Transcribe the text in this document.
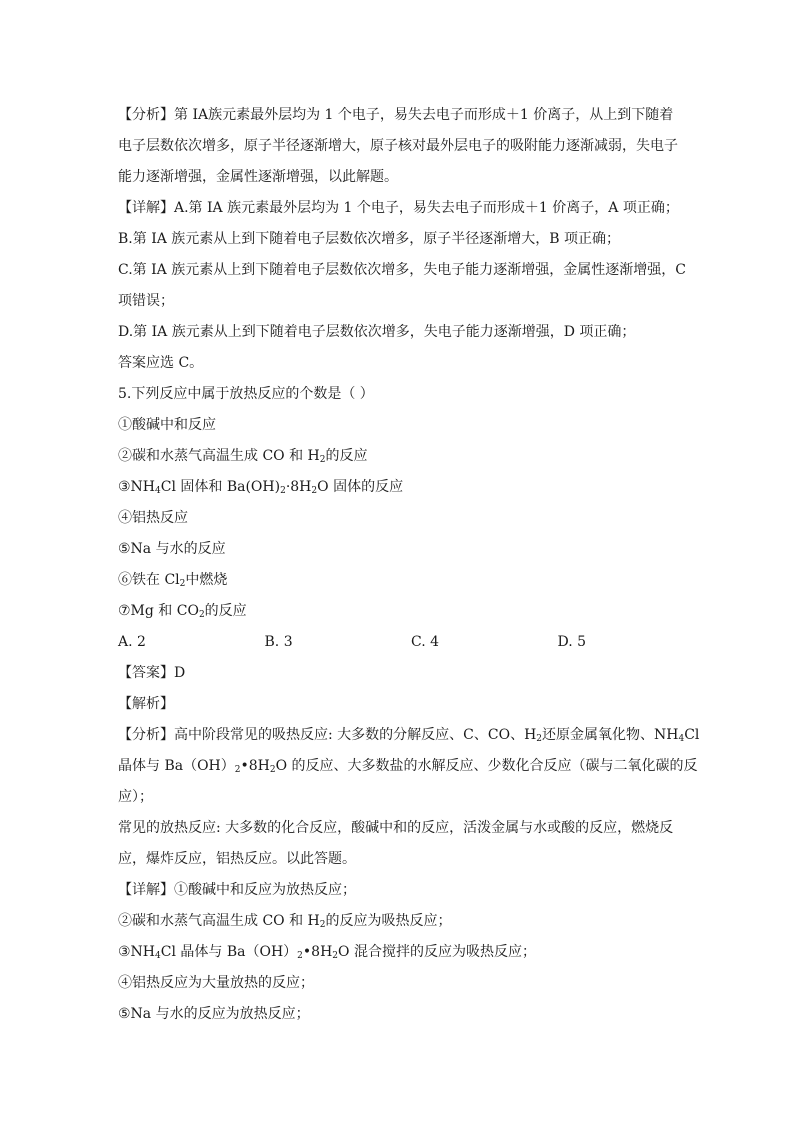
【分析】第 IA族元素最外层均为 1 个电子，易失去电子而形成＋1 价离子，从上到下随着
电子层数依次增多，原子半径逐渐增大，原子核对最外层电子的吸附能力逐渐减弱，失电子
能力逐渐增强，金属性逐渐增强，以此解题。
【详解】A.第 IA 族元素最外层均为 1 个电子，易失去电子而形成＋1 价离子，A 项正确；
B.第 IA 族元素从上到下随着电子层数依次增多，原子半径逐渐增大，B 项正确；
C.第 IA 族元素从上到下随着电子层数依次增多，失电子能力逐渐增强，金属性逐渐增强，C
项错误；
D.第 IA 族元素从上到下随着电子层数依次增多，失电子能力逐渐增强，D 项正确；
答案应选 C。
5.下列反应中属于放热反应的个数是（ ）
①酸碱中和反应
②碳和水蒸气高温生成 CO 和 $H_2$的反应
$③NH_4Cl$ 固体和 $Ba(OH)_2\cdot 8H_2O$ 固体的反应
④铝热反应
⑤Na 与水的反应
⑥铁在 $Cl_2$中燃烧
⑦Mg 和 $CO_2$的反应
A. 2	B. 3	C. 4	D. 5
【答案】D
【解析】
【分析】高中阶段常见的吸热反应: 大多数的分解反应、C、CO、$H_2$还原金属氧化物、$NH_4Cl$
晶体与 $Ba(OH)_2•8H_2O$ 的反应、大多数盐的水解反应、少数化合反应（碳与二氧化碳的反
应）；
常见的放热反应: 大多数的化合反应，酸碱中和的反应，活泼金属与水或酸的反应，燃烧反
应，爆炸反应，铝热反应。以此答题。
【详解】①酸碱中和反应为放热反应；
②碳和水蒸气高温生成 CO 和 $H_2$的反应为吸热反应；
$③NH_4Cl$ 晶体与 $Ba(OH)_2•8H_2O$ 混合搅拌的反应为吸热反应；
④铝热反应为大量放热的反应；
⑤Na 与水的反应为放热反应；
